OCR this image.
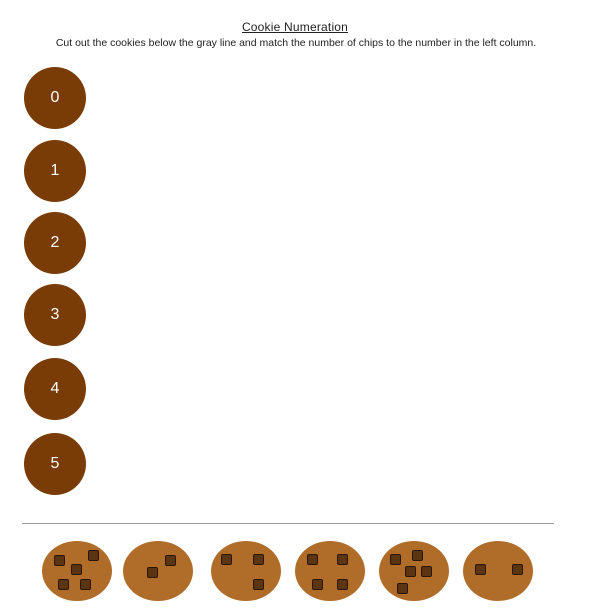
Cookie Numeration
Cut out the cookies below the gray line and match the number of chips to the number in the left column.
0
1
2
3
4
5
